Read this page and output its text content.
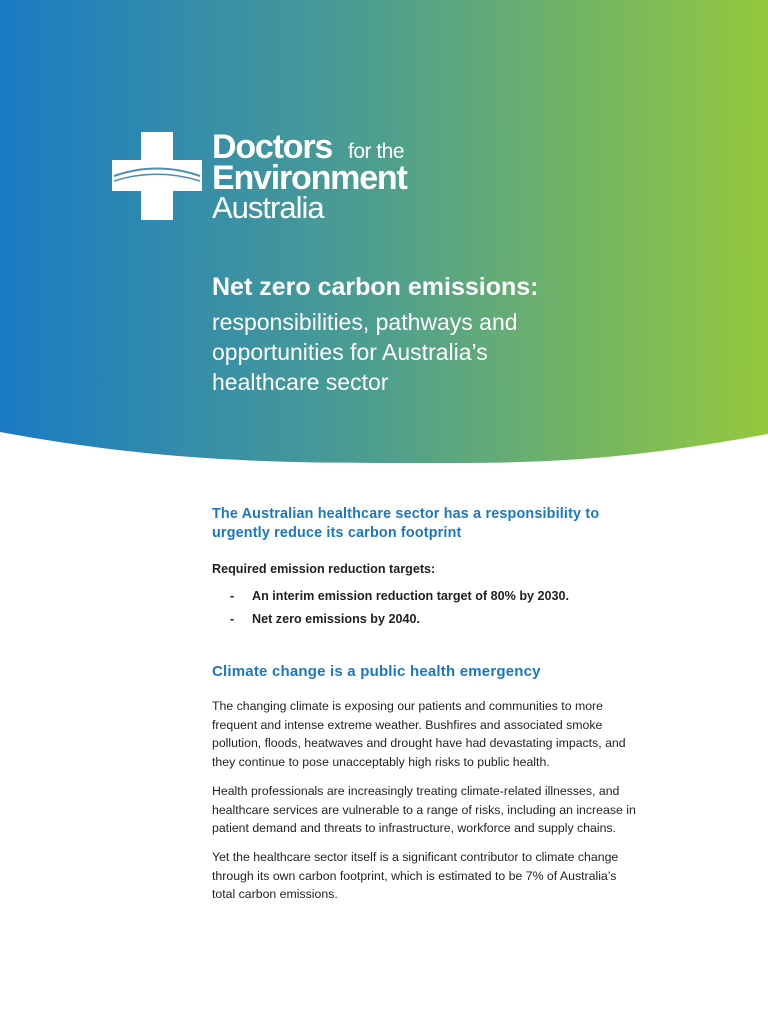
Doctors for the
Environment
Australia
Net zero carbon emissions:
responsibilities, pathways and
opportunities for Australia’s
healthcare sector
The Australian healthcare sector has a responsibility to
urgently reduce its carbon footprint
Required emission reduction targets:
- An interim emission reduction target of 80% by 2030.
- Net zero emissions by 2040.
Climate change is a public health emergency

The changing climate is exposing our patients and communities to more

frequent and intense extreme weather. Bushfires and associated smoke

pollution, floods, heatwaves and drought have had devastating impacts, and

they continue to pose unacceptably high risks to public health.

Health professionals are increasingly treating climate-related illnesses, and

healthcare services are vulnerable to a range of risks, including an increase in

patient demand and threats to infrastructure, workforce and supply chains.

Yet the healthcare sector itself is a significant contributor to climate change

through its own carbon footprint, which is estimated to be 7% of Australia’s

total carbon emissions.
